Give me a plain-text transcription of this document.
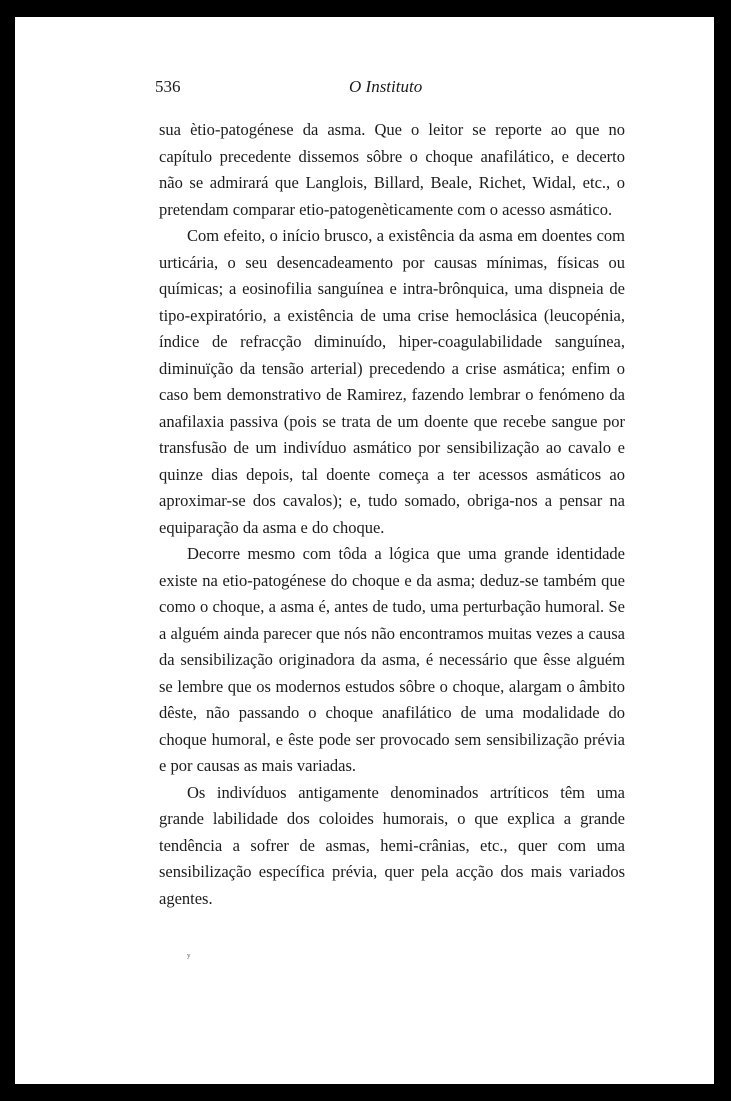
536	O Instituto

sua ètio-patogénese da asma. Que o leitor se reporte ao que no capítulo precedente dissemos sôbre o choque anafilático, e decerto não se admirará que Langlois, Billard, Beale, Richet, Widal, etc., o pretendam comparar etio-patogenèticamente com o acesso asmático.

Com efeito, o início brusco, a existência da asma em doentes com urticária, o seu desencadeamento por causas mínimas, físicas ou químicas; a eosinofilia sanguínea e intra-brônquica, uma dispneia de tipo-expiratório, a existência de uma crise hemoclásica (leucopénia, índice de refracção diminuído, hiper-coagulabilidade sanguínea, diminuïção da tensão arterial) precedendo a crise asmática; enfim o caso bem demonstrativo de Ramirez, fazendo lembrar o fenómeno da anafilaxia passiva (pois se trata de um doente que recebe sangue por transfusão de um indivíduo asmático por sensibilização ao cavalo e quinze dias depois, tal doente começa a ter acessos asmáticos ao aproximar-se dos cavalos); e, tudo somado, obriga-nos a pensar na equiparação da asma e do choque.

Decorre mesmo com tôda a lógica que uma grande identidade existe na etio-patogénese do choque e da asma; deduz-se também que como o choque, a asma é, antes de tudo, uma perturbação humoral. Se a alguém ainda parecer que nós não encontramos muitas vezes a causa da sensibilização originadora da asma, é necessário que êsse alguém se lembre que os modernos estudos sôbre o choque, alargam o âmbito dêste, não passando o choque anafilático de uma modalidade do choque humoral, e êste pode ser provocado sem sensibilização prévia e por causas as mais variadas.

Os indivíduos antigamente denominados artríticos têm uma grande labilidade dos coloides humorais, o que explica a grande tendência a sofrer de asmas, hemi-crânias, etc., quer com uma sensibilização específica prévia, quer pela acção dos mais variados agentes.

ʸ
